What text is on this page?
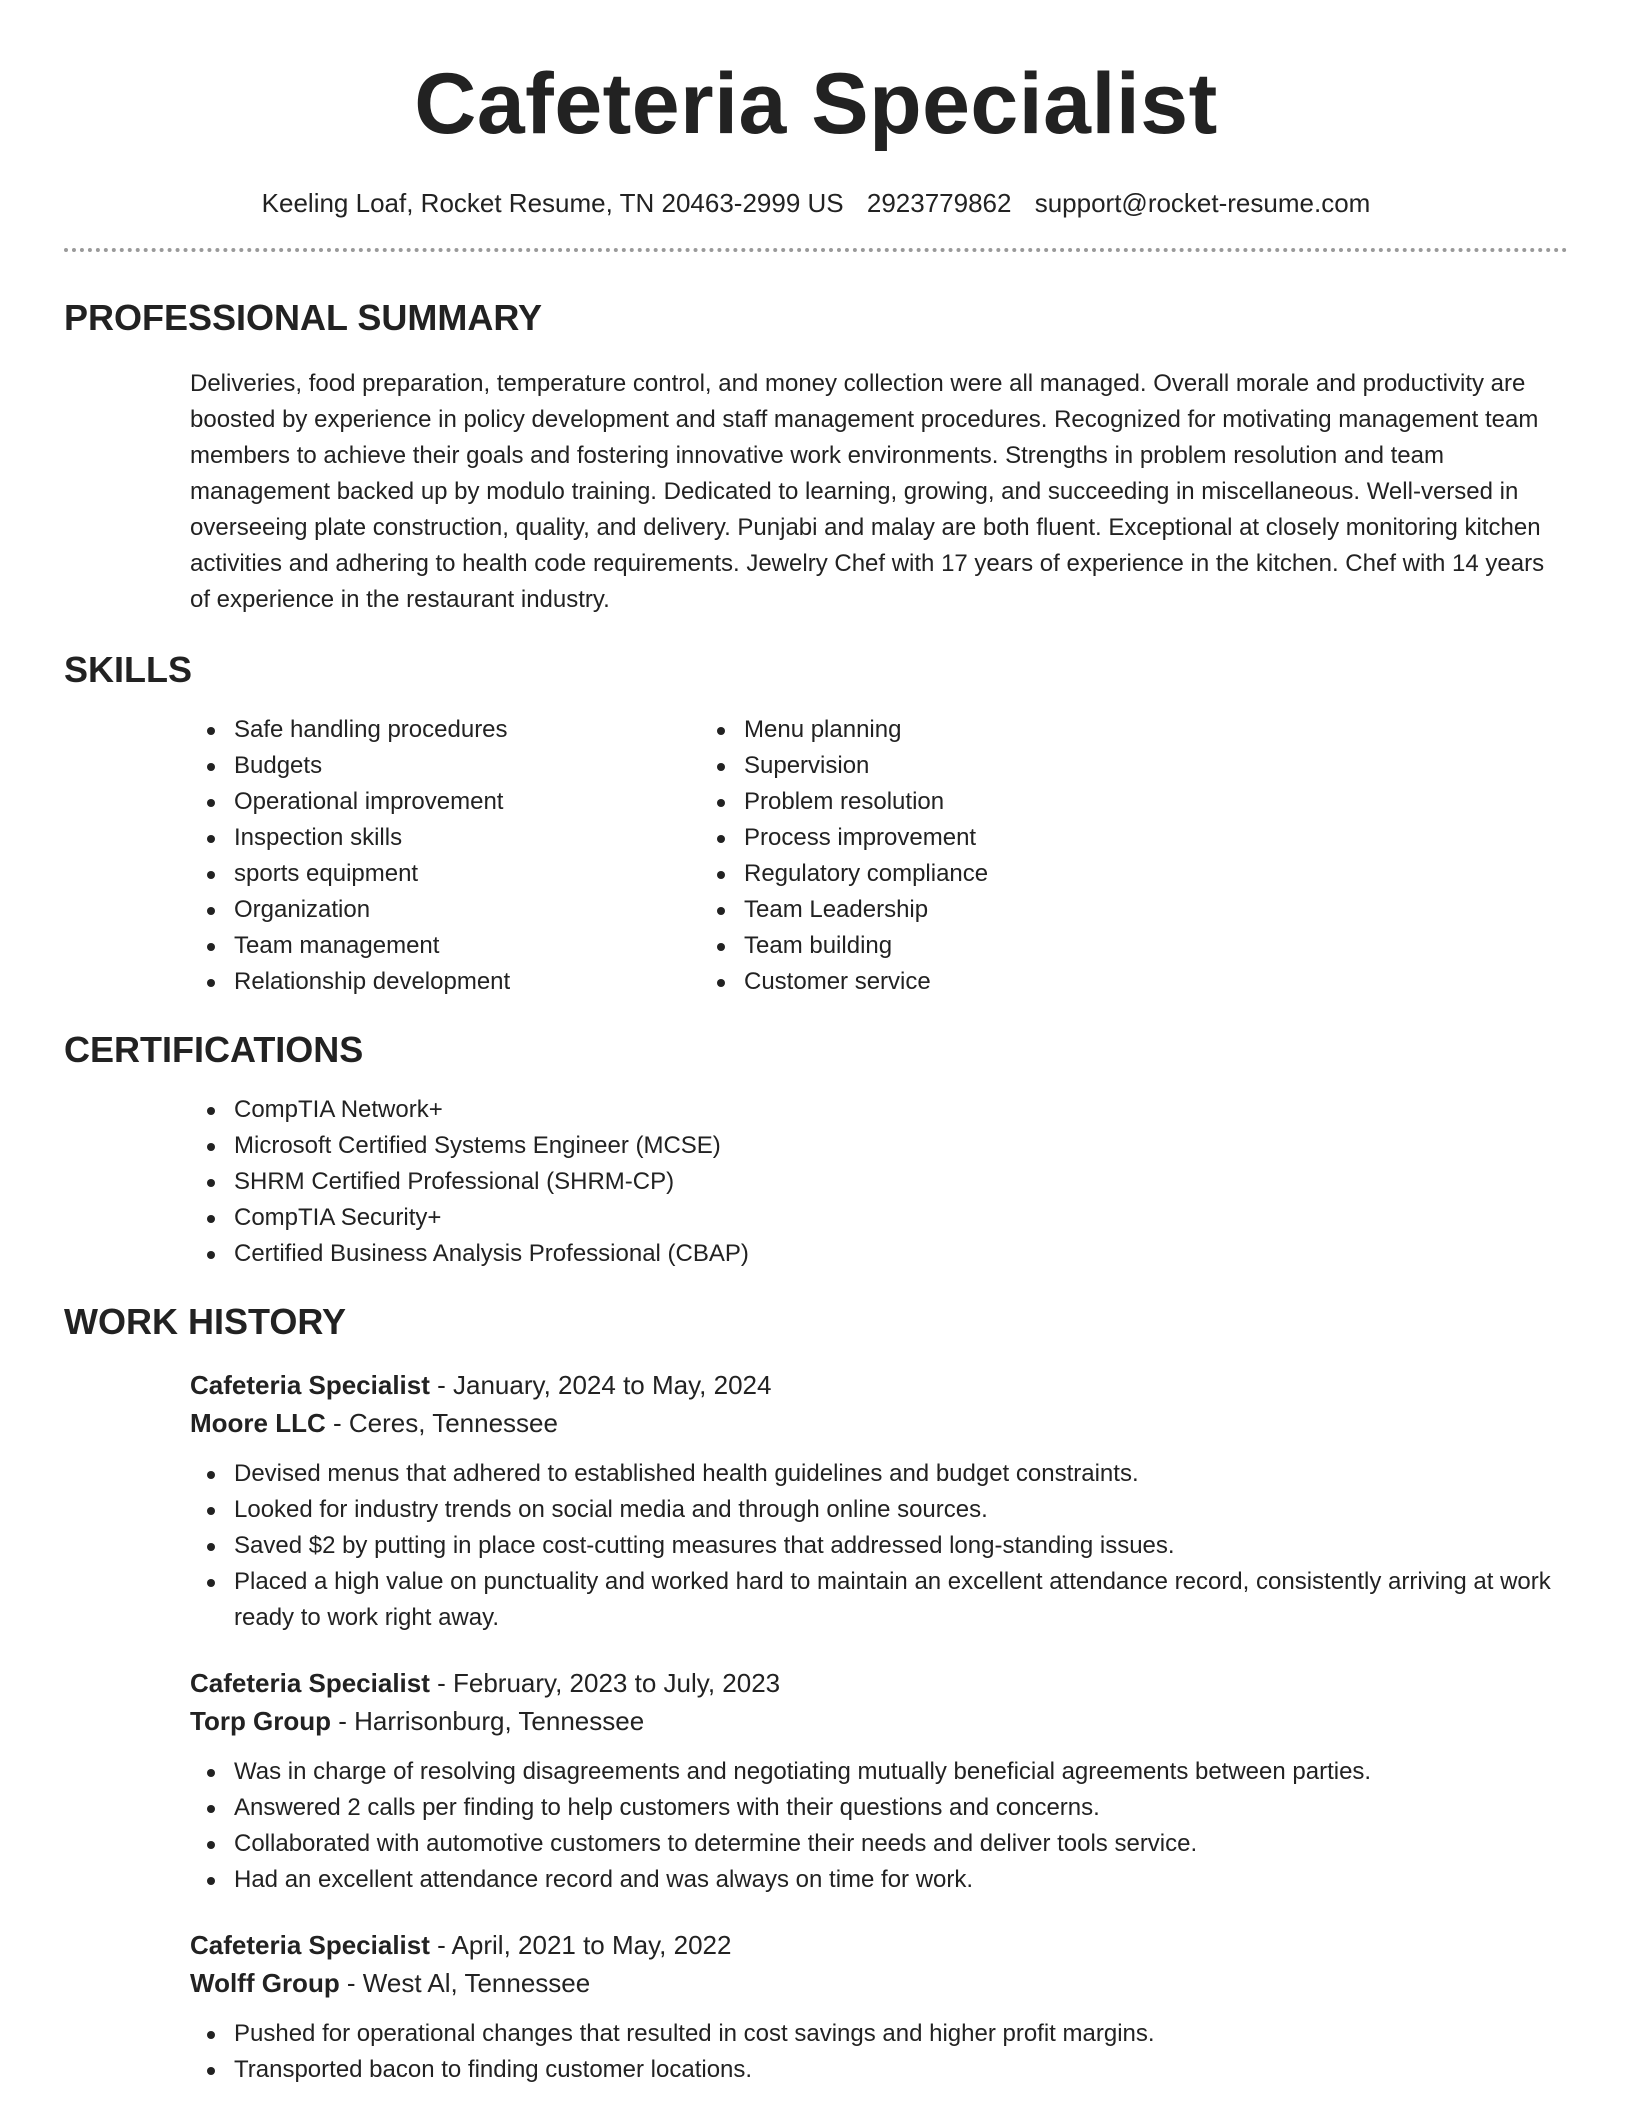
Cafeteria Specialist
Keeling Loaf, Rocket Resume, TN 20463-2999 US 2923779862 support@rocket-resume.com
PROFESSIONAL SUMMARY

Deliveries, food preparation, temperature control, and money collection were all managed. Overall morale and productivity are boosted by experience in policy development and staff management procedures. Recognized for motivating management team members to achieve their goals and fostering innovative work environments. Strengths in problem resolution and team management backed up by modulo training. Dedicated to learning, growing, and succeeding in miscellaneous. Well-versed in overseeing plate construction, quality, and delivery. Punjabi and malay are both fluent. Exceptional at closely monitoring kitchen activities and adhering to health code requirements. Jewelry Chef with 17 years of experience in the kitchen. Chef with 14 years of experience in the restaurant industry.

SKILLS
Safe handling procedures
Budgets
Operational improvement
Inspection skills
sports equipment
Organization
Team management
Relationship development
Menu planning
Supervision
Problem resolution
Process improvement
Regulatory compliance
Team Leadership
Team building
Customer service
CERTIFICATIONS
CompTIA Network+
Microsoft Certified Systems Engineer (MCSE)
SHRM Certified Professional (SHRM-CP)
CompTIA Security+
Certified Business Analysis Professional (CBAP)
WORK HISTORY
Cafeteria Specialist - January, 2024 to May, 2024
Moore LLC - Ceres, Tennessee
Devised menus that adhered to established health guidelines and budget constraints.
Looked for industry trends on social media and through online sources.
Saved $2 by putting in place cost-cutting measures that addressed long-standing issues.
Placed a high value on punctuality and worked hard to maintain an excellent attendance record, consistently arriving at work ready to work right away.
Cafeteria Specialist - February, 2023 to July, 2023
Torp Group - Harrisonburg, Tennessee
Was in charge of resolving disagreements and negotiating mutually beneficial agreements between parties.
Answered 2 calls per finding to help customers with their questions and concerns.
Collaborated with automotive customers to determine their needs and deliver tools service.
Had an excellent attendance record and was always on time for work.
Cafeteria Specialist - April, 2021 to May, 2022
Wolff Group - West Al, Tennessee
Pushed for operational changes that resulted in cost savings and higher profit margins.
Transported bacon to finding customer locations.
